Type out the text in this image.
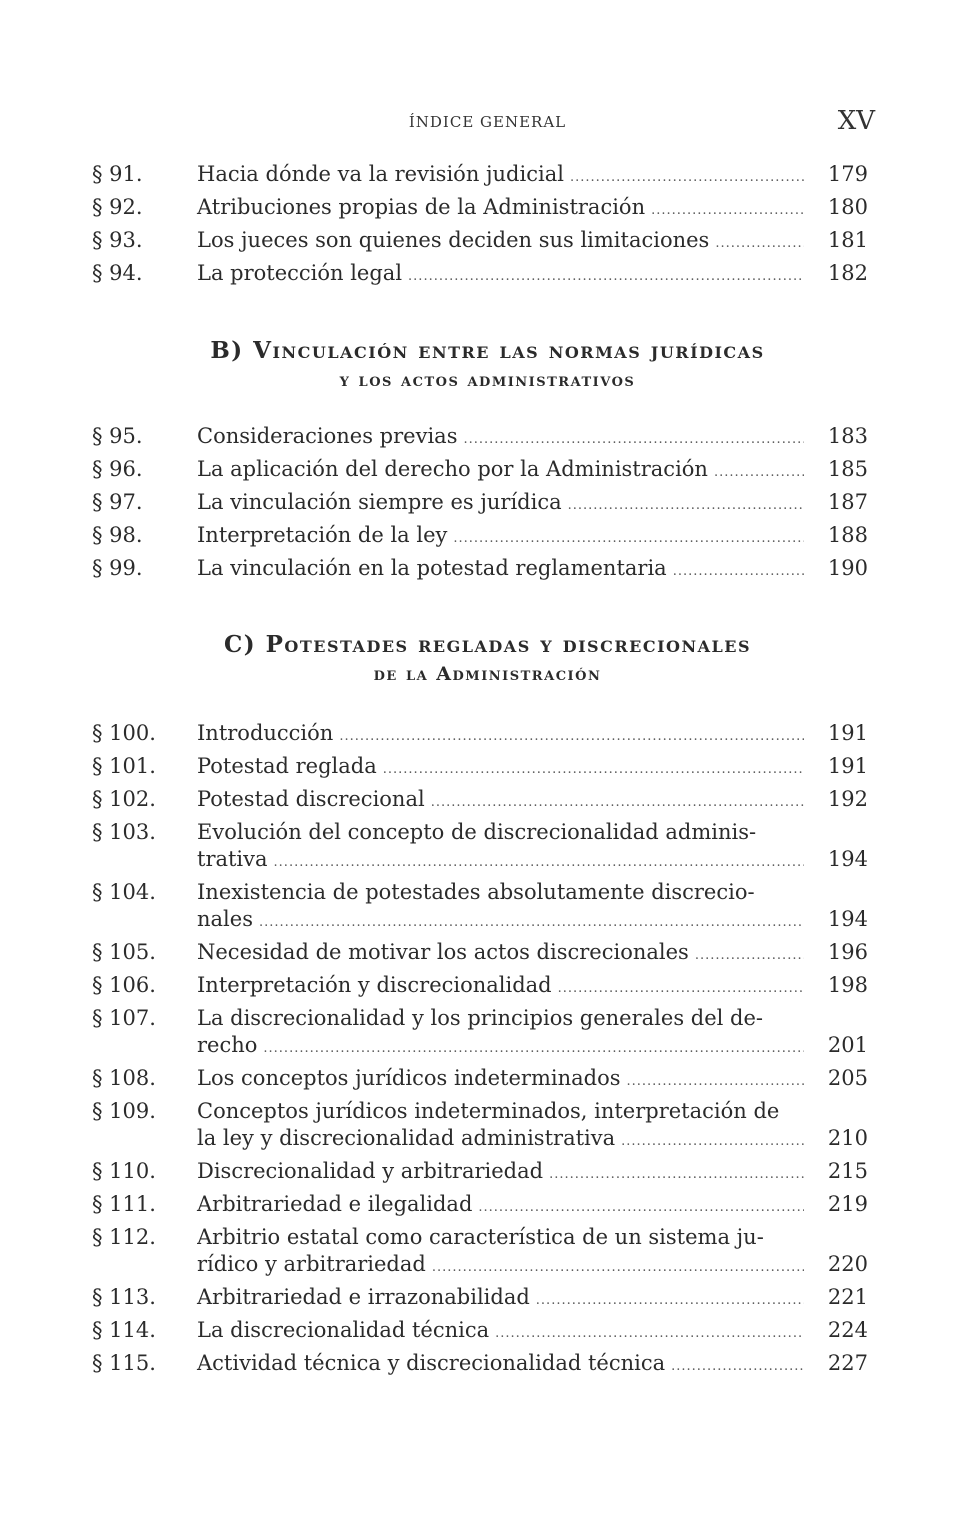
ÍNDICE GENERAL	XV
§ 91.	Hacia dónde va la revisión judicial .....	179
§ 92.	Atribuciones propias de la Administración .....	180
§ 93.	Los jueces son quienes deciden sus limitaciones .....	181
§ 94.	La protección legal .....	182
B) Vinculación entre las normas jurídicas
y los actos administrativos
§ 95.	Consideraciones previas .....	183
§ 96.	La aplicación del derecho por la Administración .....	185
§ 97.	La vinculación siempre es jurídica .....	187
§ 98.	Interpretación de la ley .....	188
§ 99.	La vinculación en la potestad reglamentaria .....	190
C) Potestades regladas y discrecionales
de la Administración
§ 100.	Introducción .....	191
§ 101.	Potestad reglada .....	191
§ 102.	Potestad discrecional .....	192
§ 103.	Evolución del concepto de discrecionalidad adminis-
trativa .....	194
§ 104.	Inexistencia de potestades absolutamente discrecio-
nales .....	194
§ 105.	Necesidad de motivar los actos discrecionales .....	196
§ 106.	Interpretación y discrecionalidad .....	198
§ 107.	La discrecionalidad y los principios generales del de-
recho .....	201
§ 108.	Los conceptos jurídicos indeterminados .....	205
§ 109.	Conceptos jurídicos indeterminados, interpretación de
la ley y discrecionalidad administrativa .....	210
§ 110.	Discrecionalidad y arbitrariedad .....	215
§ 111.	Arbitrariedad e ilegalidad .....	219
§ 112.	Arbitrio estatal como característica de un sistema ju-
rídico y arbitrariedad .....	220
§ 113.	Arbitrariedad e irrazonabilidad .....	221
§ 114.	La discrecionalidad técnica .....	224
§ 115.	Actividad técnica y discrecionalidad técnica .....	227
